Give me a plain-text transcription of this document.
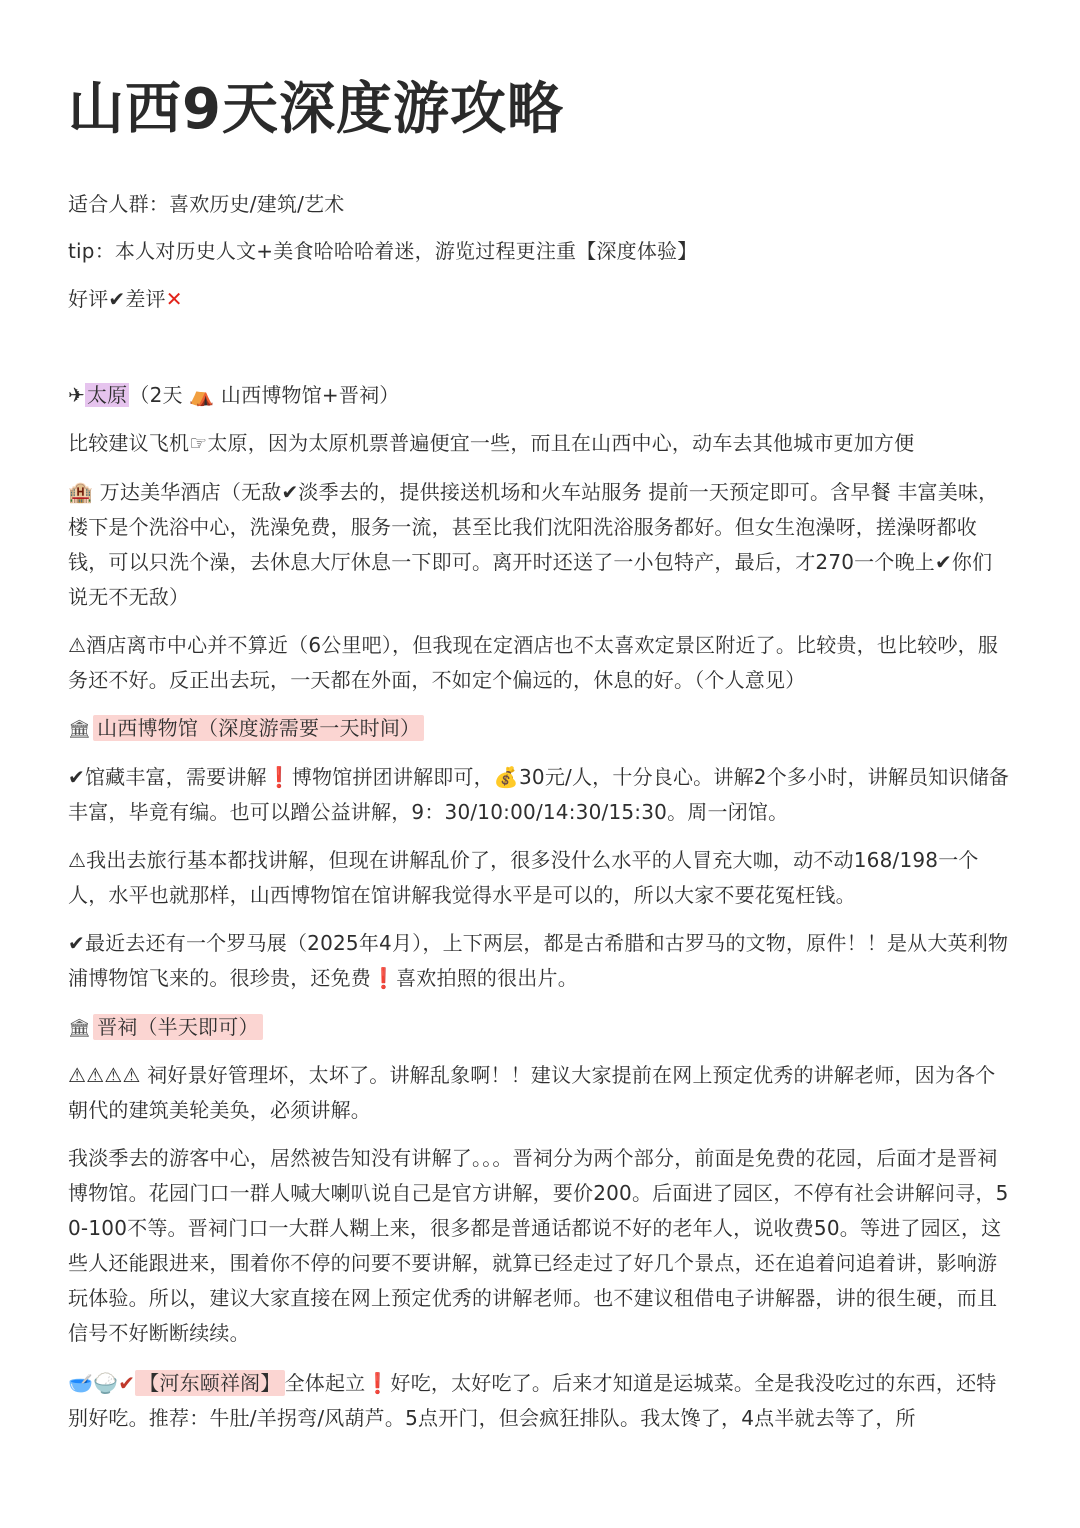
山西9天深度游攻略

适合人群：喜欢历史/建筑/艺术

tip：本人对历史人文+美食哈哈哈着迷，游览过程更注重【深度体验】

好评✔差评✕

✈ 太原 （2天 ⛺ 山西博物馆+晋祠）

比较建议飞机☞太原，因为太原机票普遍便宜一些，而且在山西中心，动车去其他城市更加方便

🏨 万达美华酒店（无敌✔淡季去的，提供接送机场和火车站服务 提前一天预定即可。含早餐 丰富美味，楼下是个洗浴中心，洗澡免费，服务一流，甚至比我们沈阳洗浴服务都好。但女生泡澡呀，搓澡呀都收钱，可以只洗个澡，去休息大厅休息一下即可。离开时还送了一小包特产，最后，才270一个晚上✔你们说无不无敌）

⚠酒店离市中心并不算近（6公里吧），但我现在定酒店也不太喜欢定景区附近了。比较贵，也比较吵，服务还不好。反正出去玩，一天都在外面，不如定个偏远的，休息的好。（个人意见）

🏛 山西博物馆（深度游需要一天时间）

✔馆藏丰富，需要讲解❗博物馆拼团讲解即可，💰30元/人，十分良心。讲解2个多小时，讲解员知识储备丰富，毕竟有编。也可以蹭公益讲解，9：30/10:00/14:30/15:30。周一闭馆。

⚠我出去旅行基本都找讲解，但现在讲解乱价了，很多没什么水平的人冒充大咖，动不动168/198一个人，水平也就那样，山西博物馆在馆讲解我觉得水平是可以的，所以大家不要花冤枉钱。

✔最近去还有一个罗马展（2025年4月），上下两层，都是古希腊和古罗马的文物，原件！！是从大英利物浦博物馆飞来的。很珍贵，还免费❗喜欢拍照的很出片。

🏛 晋祠（半天即可）

⚠⚠⚠⚠ 祠好景好管理坏，太坏了。讲解乱象啊！！建议大家提前在网上预定优秀的讲解老师，因为各个朝代的建筑美轮美奂，必须讲解。

我淡季去的游客中心，居然被告知没有讲解了。。。晋祠分为两个部分，前面是免费的花园，后面才是晋祠博物馆。花园门口一群人喊大喇叭说自己是官方讲解，要价200。后面进了园区，不停有社会讲解问寻，50-100不等。晋祠门口一大群人糊上来，很多都是普通话都说不好的老年人，说收费50。等进了园区，这些人还能跟进来，围着你不停的问要不要讲解，就算已经走过了好几个景点，还在追着问追着讲，影响游玩体验。所以，建议大家直接在网上预定优秀的讲解老师。也不建议租借电子讲解器，讲的很生硬，而且信号不好断断续续。

🥣🍚✔ 【河东颐祥阁】 全体起立❗好吃，太好吃了。后来才知道是运城菜。全是我没吃过的东西，还特别好吃。推荐：牛肚/羊拐弯/风葫芦。5点开门，但会疯狂排队。我太馋了，4点半就去等了，所
